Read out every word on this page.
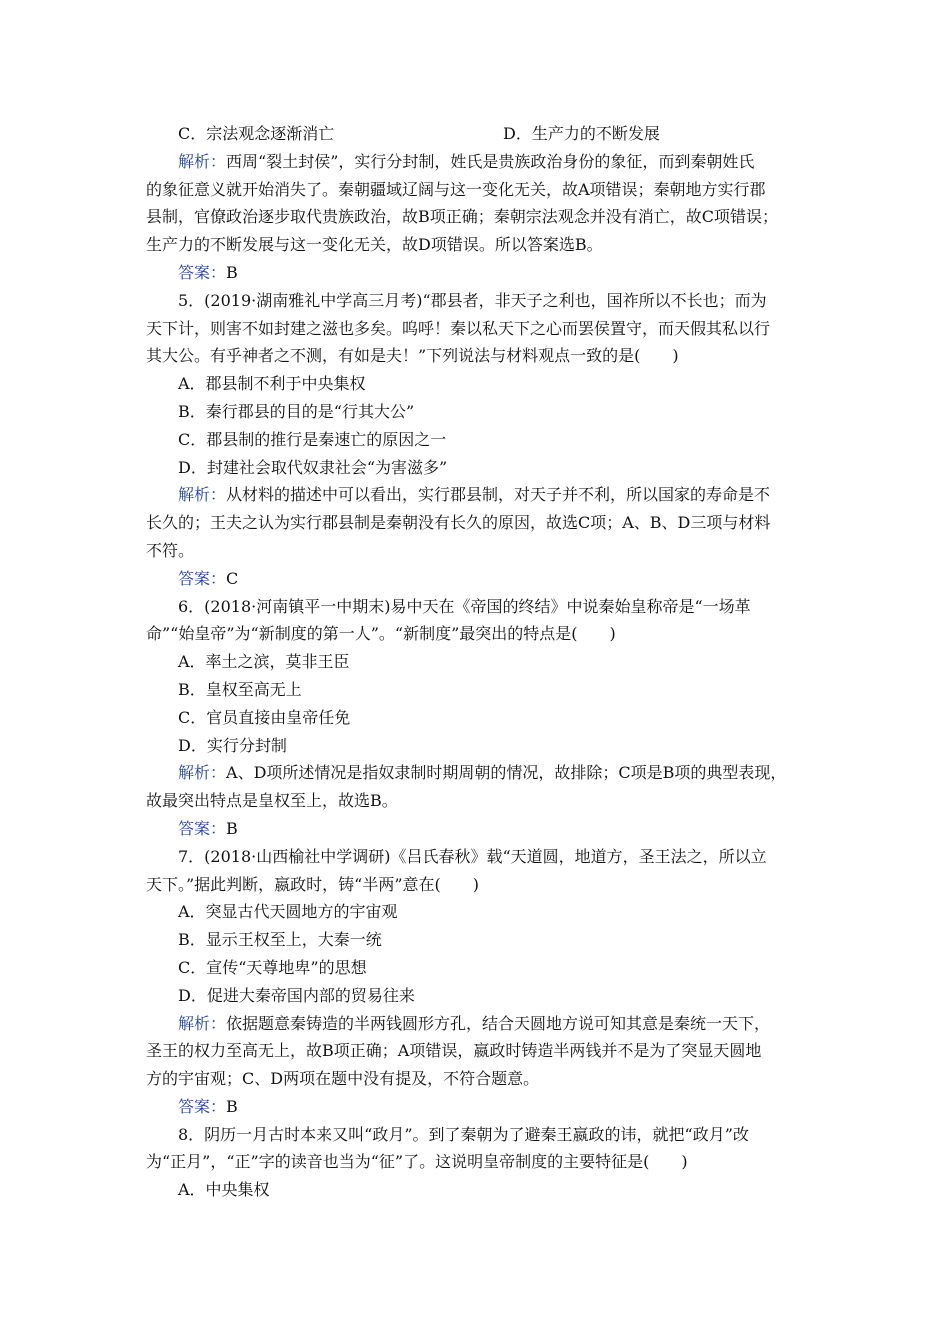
C．宗法观念逐渐消亡	D．生产力的不断发展
解析：西周“裂土封侯”，实行分封制，姓氏是贵族政治身份的象征，而到秦朝姓氏
的象征意义就开始消失了。秦朝疆域辽阔与这一变化无关，故A项错误；秦朝地方实行郡
县制，官僚政治逐步取代贵族政治，故B项正确；秦朝宗法观念并没有消亡，故C项错误；
生产力的不断发展与这一变化无关，故D项错误。所以答案选B。
答案：B
5．(2019·湖南雅礼中学高三月考)“郡县者，非天子之利也，国祚所以不长也；而为
天下计，则害不如封建之滋也多矣。呜呼！秦以私天下之心而罢侯置守，而天假其私以行
其大公。有乎神者之不测，有如是夫！”下列说法与材料观点一致的是(　　)
A．郡县制不利于中央集权
B．秦行郡县的目的是“行其大公”
C．郡县制的推行是秦速亡的原因之一
D．封建社会取代奴隶社会“为害滋多”
解析：从材料的描述中可以看出，实行郡县制，对天子并不利，所以国家的寿命是不
长久的；王夫之认为实行郡县制是秦朝没有长久的原因，故选C项；A、B、D三项与材料
不符。
答案：C
6．(2018·河南镇平一中期末)易中天在《帝国的终结》中说秦始皇称帝是“一场革
命”“始皇帝”为“新制度的第一人”。“新制度”最突出的特点是(　　)
A．率土之滨，莫非王臣
B．皇权至高无上
C．官员直接由皇帝任免
D．实行分封制
解析：A、D项所述情况是指奴隶制时期周朝的情况，故排除；C项是B项的典型表现，
故最突出特点是皇权至上，故选B。
答案：B
7．(2018·山西榆社中学调研)《吕氏春秋》载“天道圆，地道方，圣王法之，所以立
天下。”据此判断，嬴政时，铸“半两”意在(　　)
A．突显古代天圆地方的宇宙观
B．显示王权至上，大秦一统
C．宣传“天尊地卑”的思想
D．促进大秦帝国内部的贸易往来
解析：依据题意秦铸造的半两钱圆形方孔，结合天圆地方说可知其意是秦统一天下，
圣王的权力至高无上，故B项正确；A项错误，嬴政时铸造半两钱并不是为了突显天圆地
方的宇宙观；C、D两项在题中没有提及，不符合题意。
答案：B
8．阴历一月古时本来又叫“政月”。到了秦朝为了避秦王嬴政的讳，就把“政月”改
为“正月”，“正”字的读音也当为“征”了。这说明皇帝制度的主要特征是(　　)
A．中央集权
